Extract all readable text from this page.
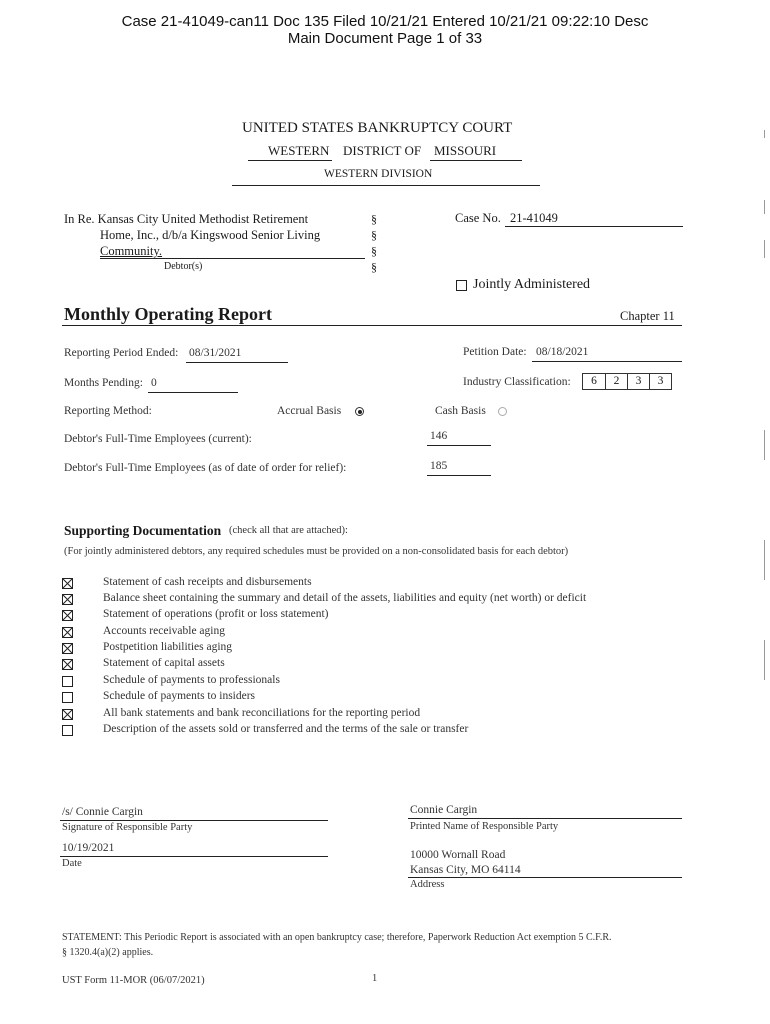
Case 21-41049-can11 Doc 135 Filed 10/21/21 Entered 10/21/21 09:22:10 Desc
Main Document Page 1 of 33
UNITED STATES BANKRUPTCY COURT
WESTERN DISTRICT OF MISSOURI
WESTERN DIVISION
In Re. Kansas City United Methodist Retirement
Home, Inc., d/b/a Kingswood Senior Living
Community.
Debtor(s)
§
§
§
§
Case No. 21-41049
Jointly Administered
Monthly Operating Report	Chapter 11
Reporting Period Ended: 08/31/2021	Petition Date: 08/18/2021
Months Pending: 0	Industry Classification:	6	2	3	3
Reporting Method:	Accrual Basis	Cash Basis
Debtor's Full-Time Employees (current):	146
Debtor's Full-Time Employees (as of date of order for relief):	185
Supporting Documentation (check all that are attached):
(For jointly administered debtors, any required schedules must be provided on a non-consolidated basis for each debtor)
Statement of cash receipts and disbursements
Balance sheet containing the summary and detail of the assets, liabilities and equity (net worth) or deficit
Statement of operations (profit or loss statement)
Accounts receivable aging
Postpetition liabilities aging
Statement of capital assets
Schedule of payments to professionals
Schedule of payments to insiders
All bank statements and bank reconciliations for the reporting period
Description of the assets sold or transferred and the terms of the sale or transfer
/s/ Connie Cargin
Signature of Responsible Party
10/19/2021
Date
Connie Cargin
Printed Name of Responsible Party
10000 Wornall Road
Kansas City, MO 64114
Address
STATEMENT: This Periodic Report is associated with an open bankruptcy case; therefore, Paperwork Reduction Act exemption 5 C.F.R.
§ 1320.4(a)(2) applies.
UST Form 11-MOR (06/07/2021)	1
